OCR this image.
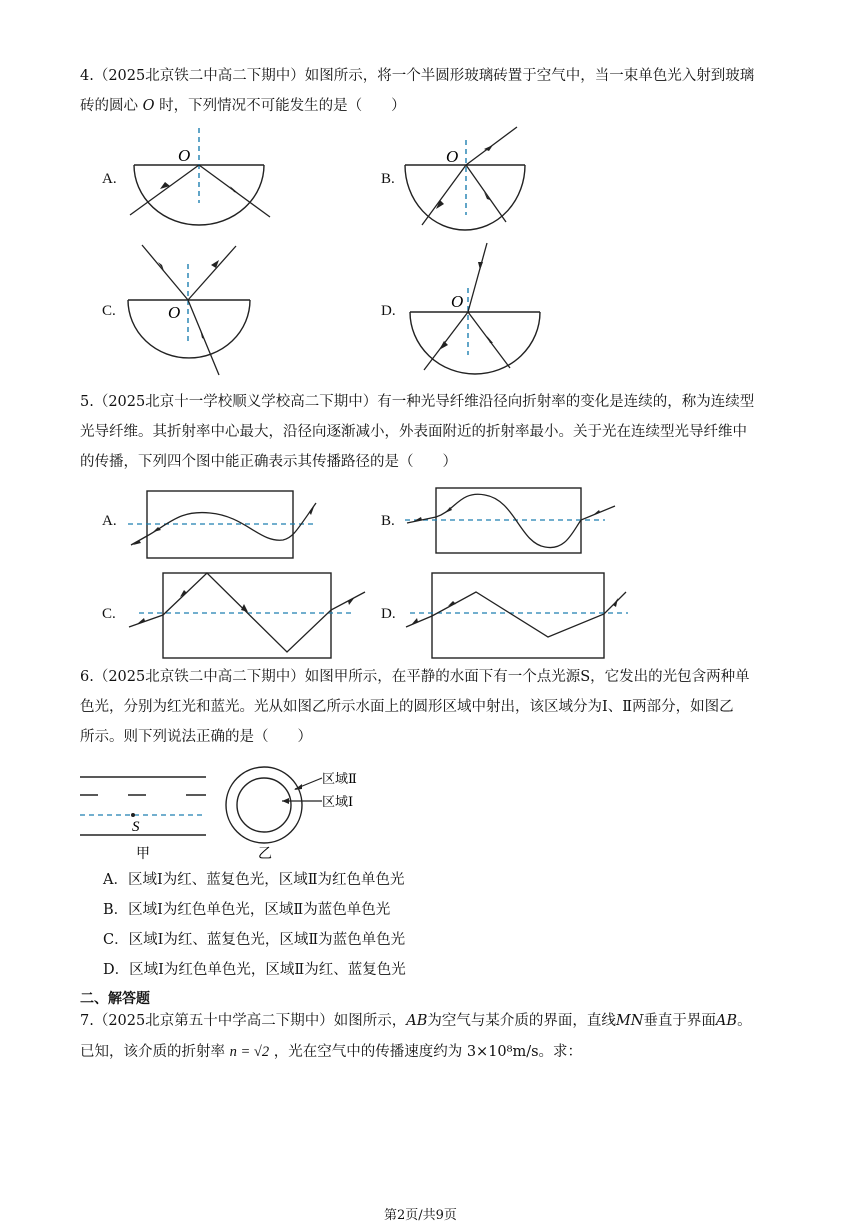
4.（2025北京铁二中高二下期中）如图所示，将一个半圆形玻璃砖置于空气中，当一束单色光入射到玻璃
砖的圆心 O 时，下列情况不可能发生的是（　　）
A.	B.
C.	D.
O	O
O
O
5.（2025北京十一学校顺义学校高二下期中）有一种光导纤维沿径向折射率的变化是连续的，称为连续型
光导纤维。其折射率中心最大，沿径向逐渐减小，外表面附近的折射率最小。关于光在连续型光导纤维中
的传播，下列四个图中能正确表示其传播路径的是（　　）
A.	B.
C.	D.
6.（2025北京铁二中高二下期中）如图甲所示，在平静的水面下有一个点光源S，它发出的光包含两种单
色光，分别为红光和蓝光。光从如图乙所示水面上的圆形区域中射出，该区域分为Ⅰ、Ⅱ两部分，如图乙
所示。则下列说法正确的是（　　）
S
甲
区域Ⅱ
区域Ⅰ
乙
A．区域Ⅰ为红、蓝复色光，区域Ⅱ为红色单色光
B．区域Ⅰ为红色单色光，区域Ⅱ为蓝色单色光
C．区域Ⅰ为红、蓝复色光，区域Ⅱ为蓝色单色光
D．区域Ⅰ为红色单色光，区域Ⅱ为红、蓝复色光
二、解答题
7.（2025北京第五十中学高二下期中）如图所示，AB为空气与某介质的界面，直线MN垂直于界面AB。
已知，该介质的折射率 n = √2 ，光在空气中的传播速度约为 3×10⁸m/s。求：
第2页/共9页
